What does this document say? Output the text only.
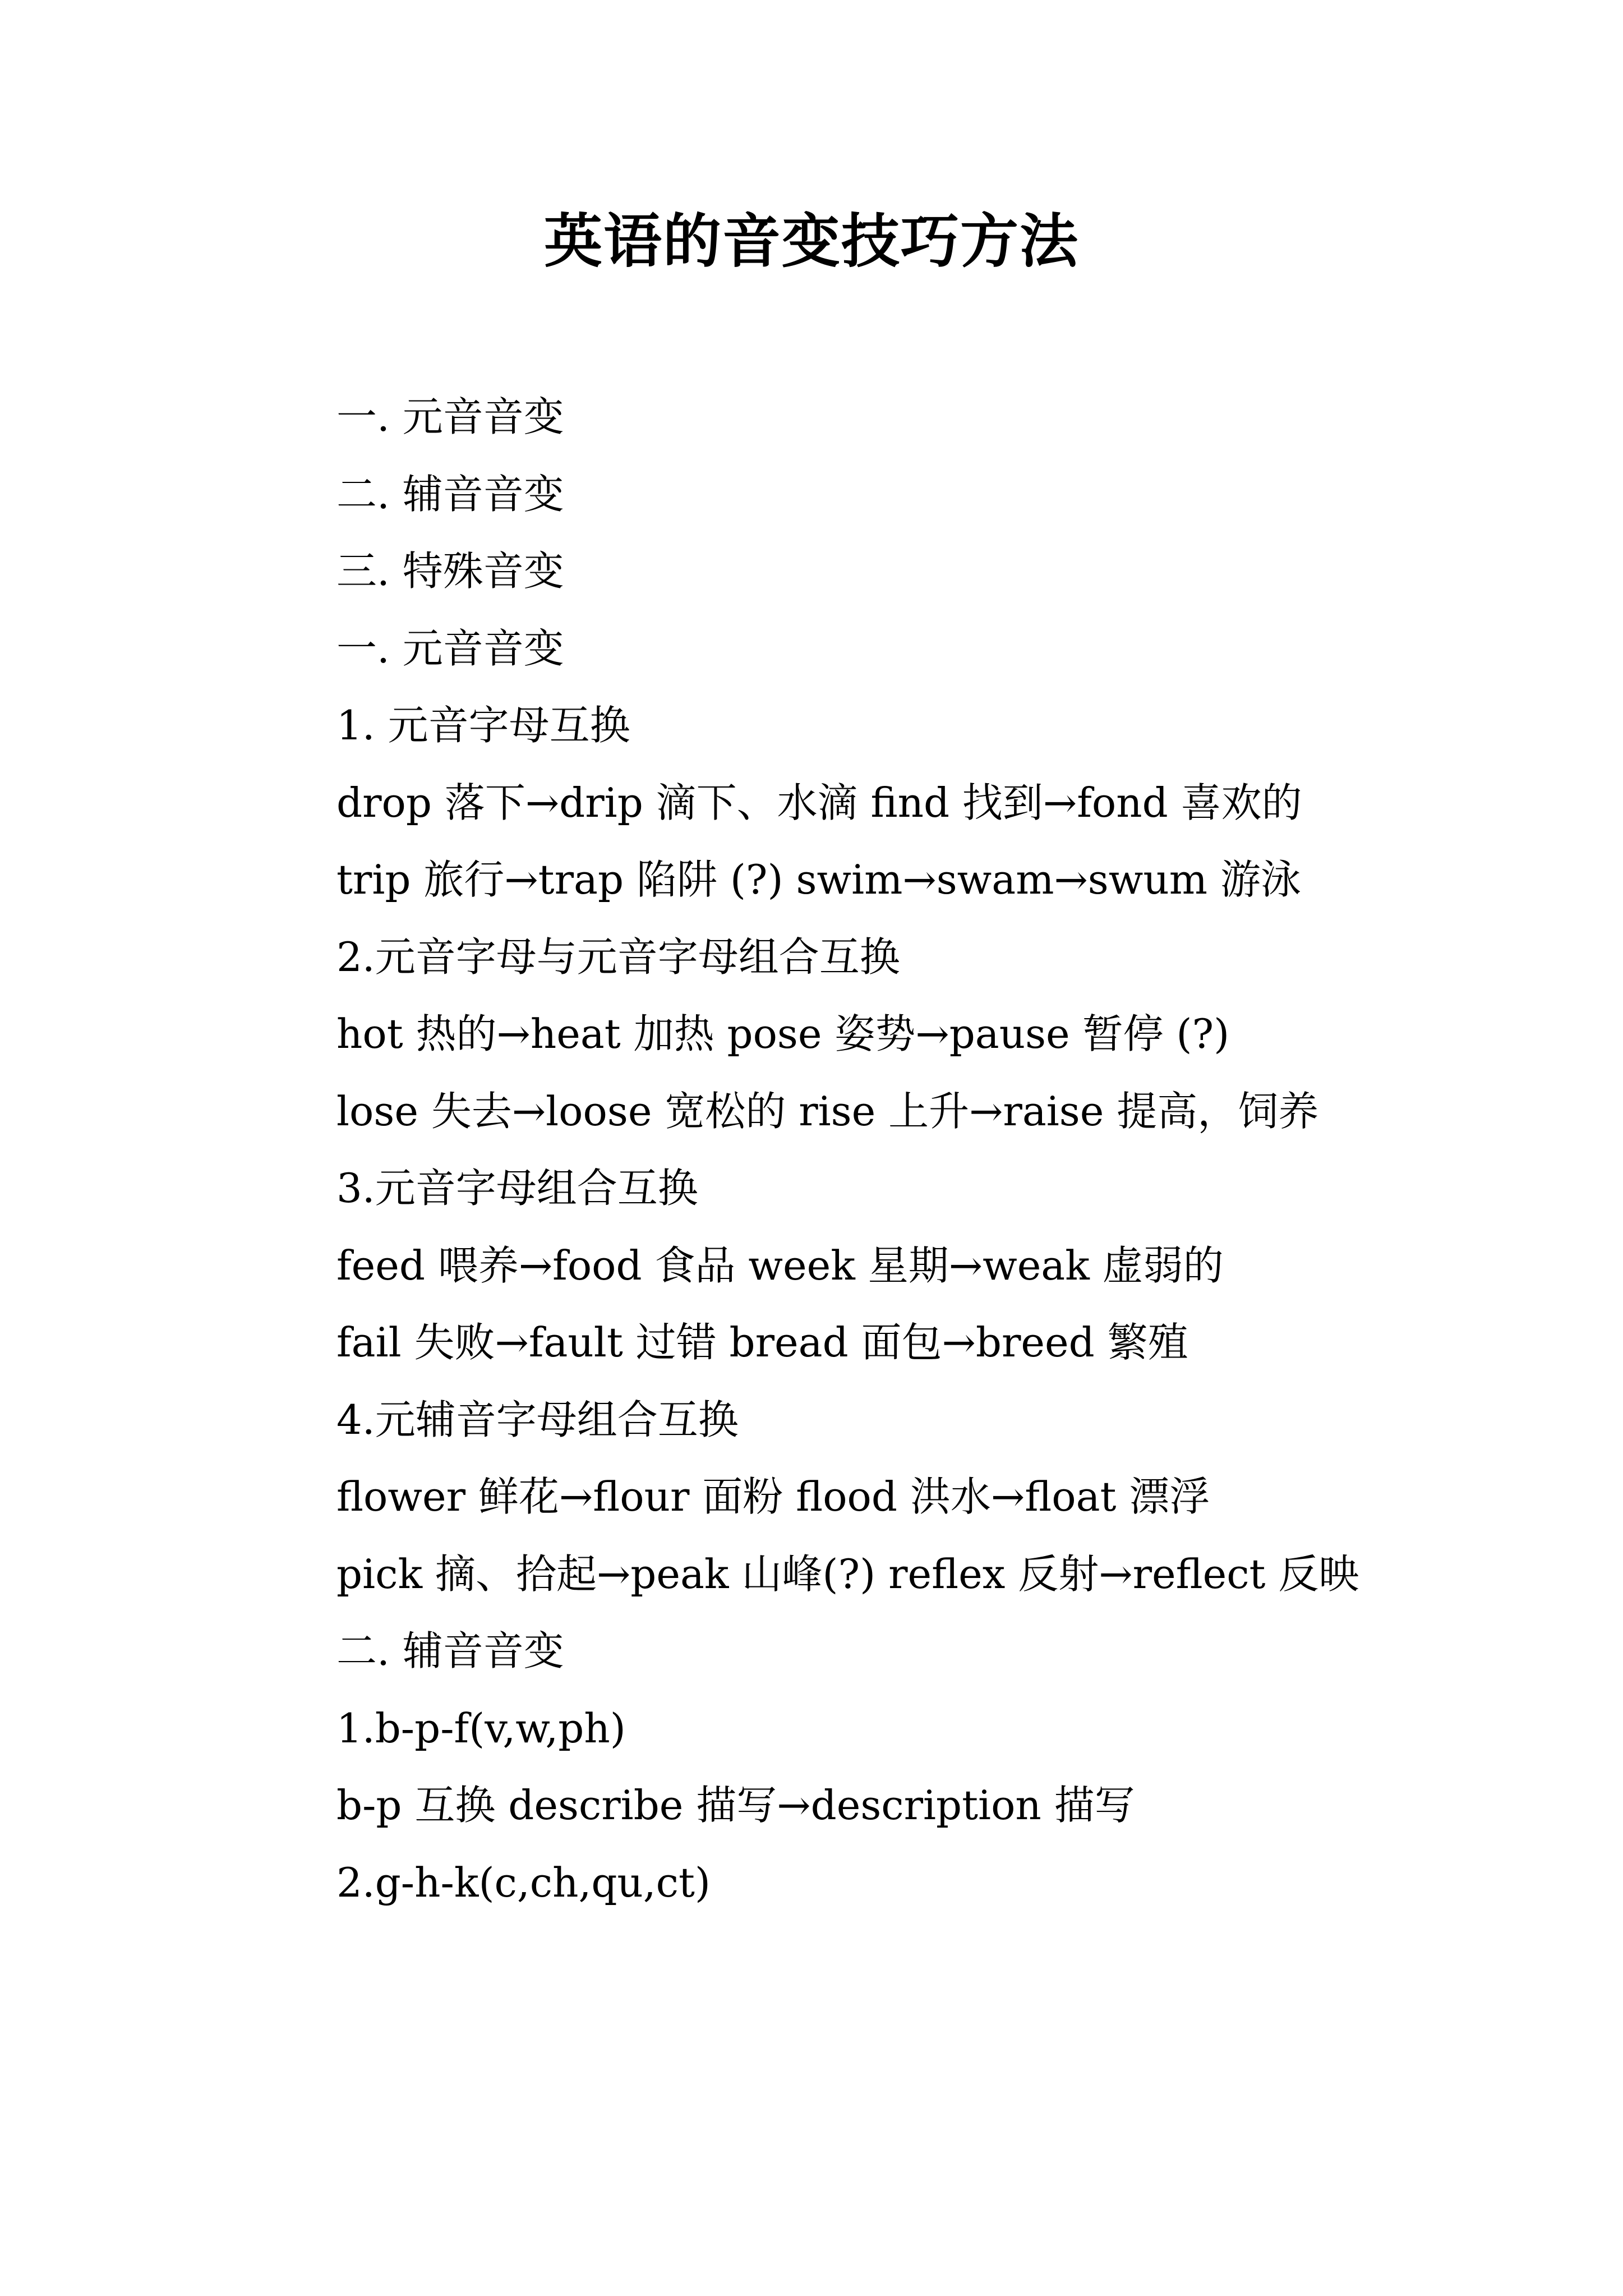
英语的音变技巧方法

一. 元音音变

二. 辅音音变

三. 特殊音变

一. 元音音变

1. 元音字母互换

drop 落下→drip 滴下、水滴 find 找到→fond 喜欢的

trip 旅行→trap 陷阱 (?) swim→swam→swum 游泳

2.元音字母与元音字母组合互换

hot 热的→heat 加热 pose 姿势→pause 暂停 (?)

lose 失去→loose 宽松的 rise 上升→raise 提高，饲养

3.元音字母组合互换

feed 喂养→food 食品 week 星期→weak 虚弱的

fail 失败→fault 过错 bread 面包→breed 繁殖

4.元辅音字母组合互换

flower 鲜花→flour 面粉 flood 洪水→float 漂浮

pick 摘、拾起→peak 山峰(?) reflex 反射→reflect 反映

二. 辅音音变

1.b-p-f(v,w,ph)

b-p 互换 describe 描写→description 描写

2.g-h-k(c,ch,qu,ct)
